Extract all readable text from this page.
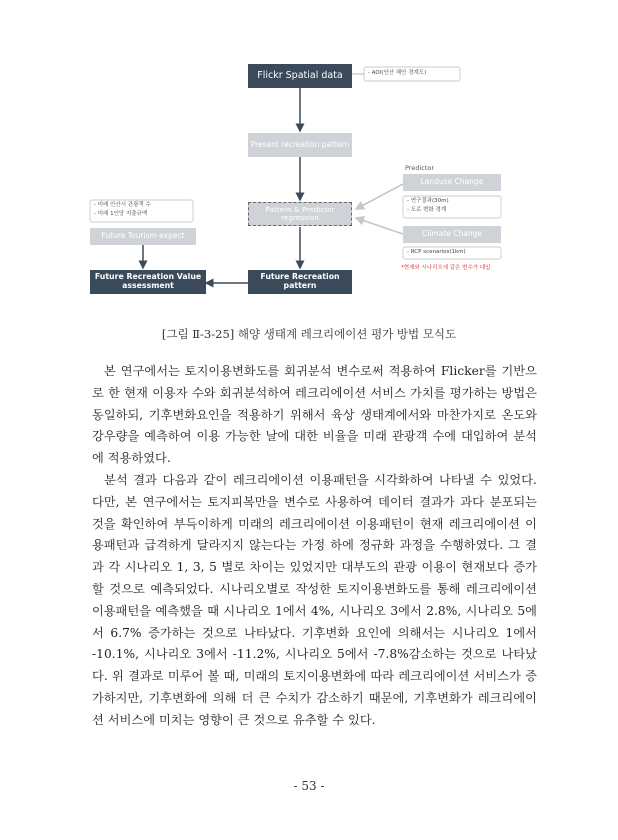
Flickr Spatial data	- AOI(안산 해안 경계도)
Present recreation pattern
Predictor
Landuse Change
- 연구결과(30m)
- 도로 변화 경계
Pattern & Predictor regression
Climate Change
- RCP scenarios(1km)
*현재와 시나리오에 같은 변수가 대입
- 미래 안산시 관광객 수
- 미래 1인당 지출규액
Future Tourism expect
Future Recreation Value assessment
Future Recreation pattern
[그림 Ⅱ-3-25] 해양 생태계 레크리에이션 평가 방법 모식도

본 연구에서는 토지이용변화도를 회귀분석 변수로써 적용하여 Flicker를 기반으로 한 현재 이용자 수와 회귀분석하여 레크리에이션 서비스 가치를 평가하는 방법은 동일하되, 기후변화요인을 적용하기 위해서 육상 생태계에서와 마찬가지로 온도와 강우량을 예측하여 이용 가능한 날에 대한 비율을 미래 관광객 수에 대입하여 분석에 적용하였다.

분석 결과 다음과 같이 레크리에이션 이용패턴을 시각화하여 나타낼 수 있었다. 다만, 본 연구에서는 토지피복만을 변수로 사용하여 데이터 결과가 과다 분포되는 것을 확인하여 부득이하게 미래의 레크리에이션 이용패턴이 현재 레크리에이션 이용패턴과 급격하게 달라지지 않는다는 가정 하에 정규화 과정을 수행하였다. 그 결과 각 시나리오 1, 3, 5 별로 차이는 있었지만 대부도의 관광 이용이 현재보다 증가할 것으로 예측되었다. 시나리오별로 작성한 토지이용변화도를 통해 레크리에이션 이용패턴을 예측했을 때 시나리오 1에서 4%, 시나리오 3에서 2.8%, 시나리오 5에서 6.7% 증가하는 것으로 나타났다. 기후변화 요인에 의해서는 시나리오 1에서 -10.1%, 시나리오 3에서 -11.2%, 시나리오 5에서 -7.8%감소하는 것으로 나타났다. 위 결과로 미루어 볼 때, 미래의 토지이용변화에 따라 레크리에이션 서비스가 증가하지만, 기후변화에 의해 더 큰 수치가 감소하기 때문에, 기후변화가 레크리에이션 서비스에 미치는 영향이 큰 것으로 유추할 수 있다.

- 53 -
